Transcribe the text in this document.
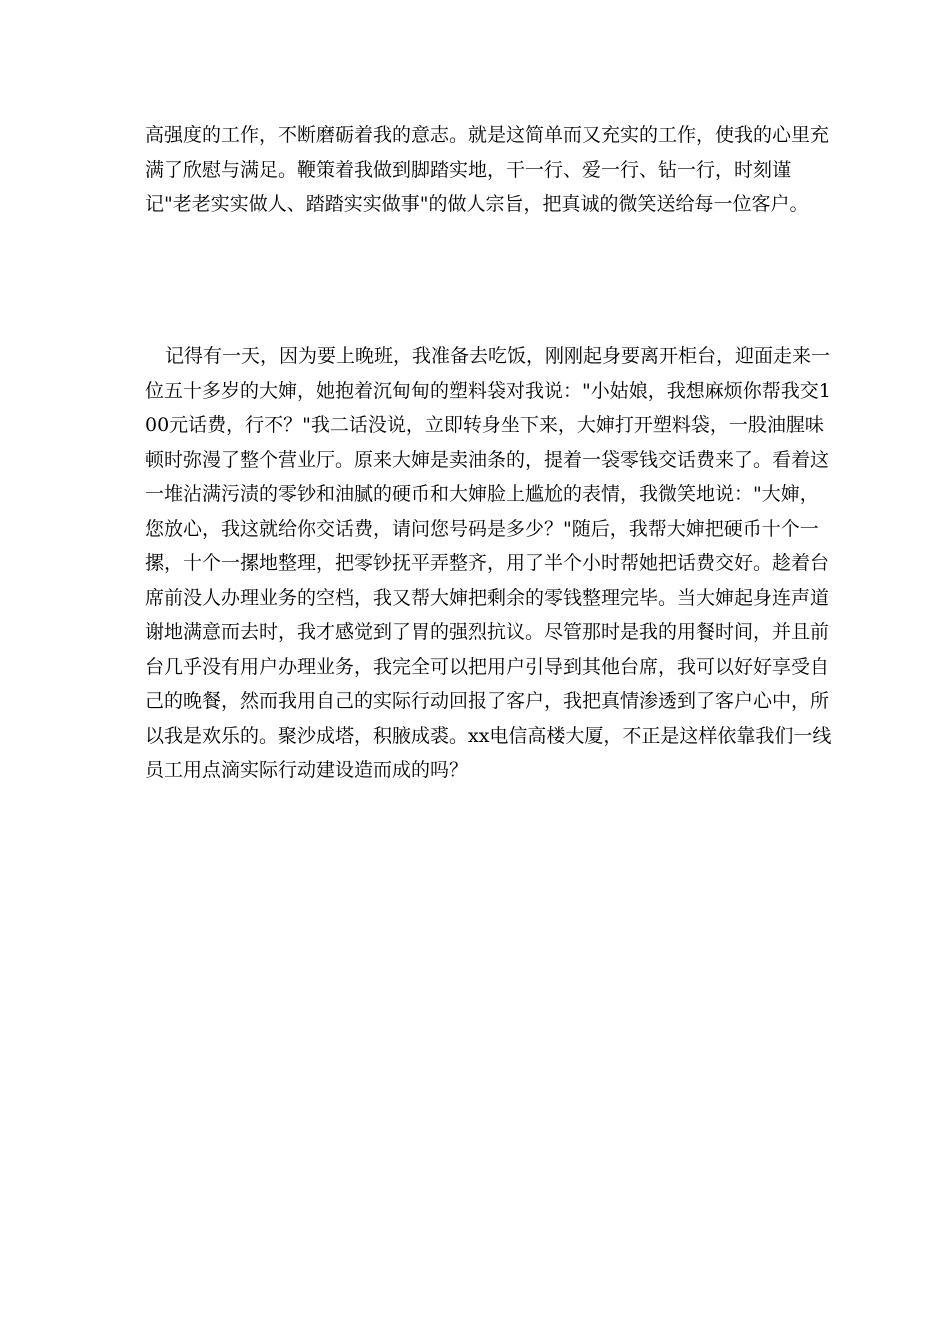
高强度的工作，不断磨砺着我的意志。就是这简单而又充实的工作，使我的心里充满了欣慰与满足。鞭策着我做到脚踏实地，干一行、爱一行、钻一行，时刻谨记"老老实实做人、踏踏实实做事"的做人宗旨，把真诚的微笑送给每一位客户。

记得有一天，因为要上晚班，我准备去吃饭，刚刚起身要离开柜台，迎面走来一位五十多岁的大婶，她抱着沉甸甸的塑料袋对我说："小姑娘，我想麻烦你帮我交100元话费，行不？"我二话没说，立即转身坐下来，大婶打开塑料袋，一股油腥味顿时弥漫了整个营业厅。原来大婶是卖油条的，提着一袋零钱交话费来了。看着这一堆沾满污渍的零钞和油腻的硬币和大婶脸上尴尬的表情，我微笑地说："大婶，您放心，我这就给你交话费，请问您号码是多少？"随后，我帮大婶把硬币十个一摞，十个一摞地整理，把零钞抚平弄整齐，用了半个小时帮她把话费交好。趁着台席前没人办理业务的空档，我又帮大婶把剩余的零钱整理完毕。当大婶起身连声道谢地满意而去时，我才感觉到了胃的强烈抗议。尽管那时是我的用餐时间，并且前台几乎没有用户办理业务，我完全可以把用户引导到其他台席，我可以好好享受自己的晚餐，然而我用自己的实际行动回报了客户，我把真情渗透到了客户心中，所以我是欢乐的。聚沙成塔，积腋成裘。xx电信高楼大厦，不正是这样依靠我们一线员工用点滴实际行动建设造而成的吗？
